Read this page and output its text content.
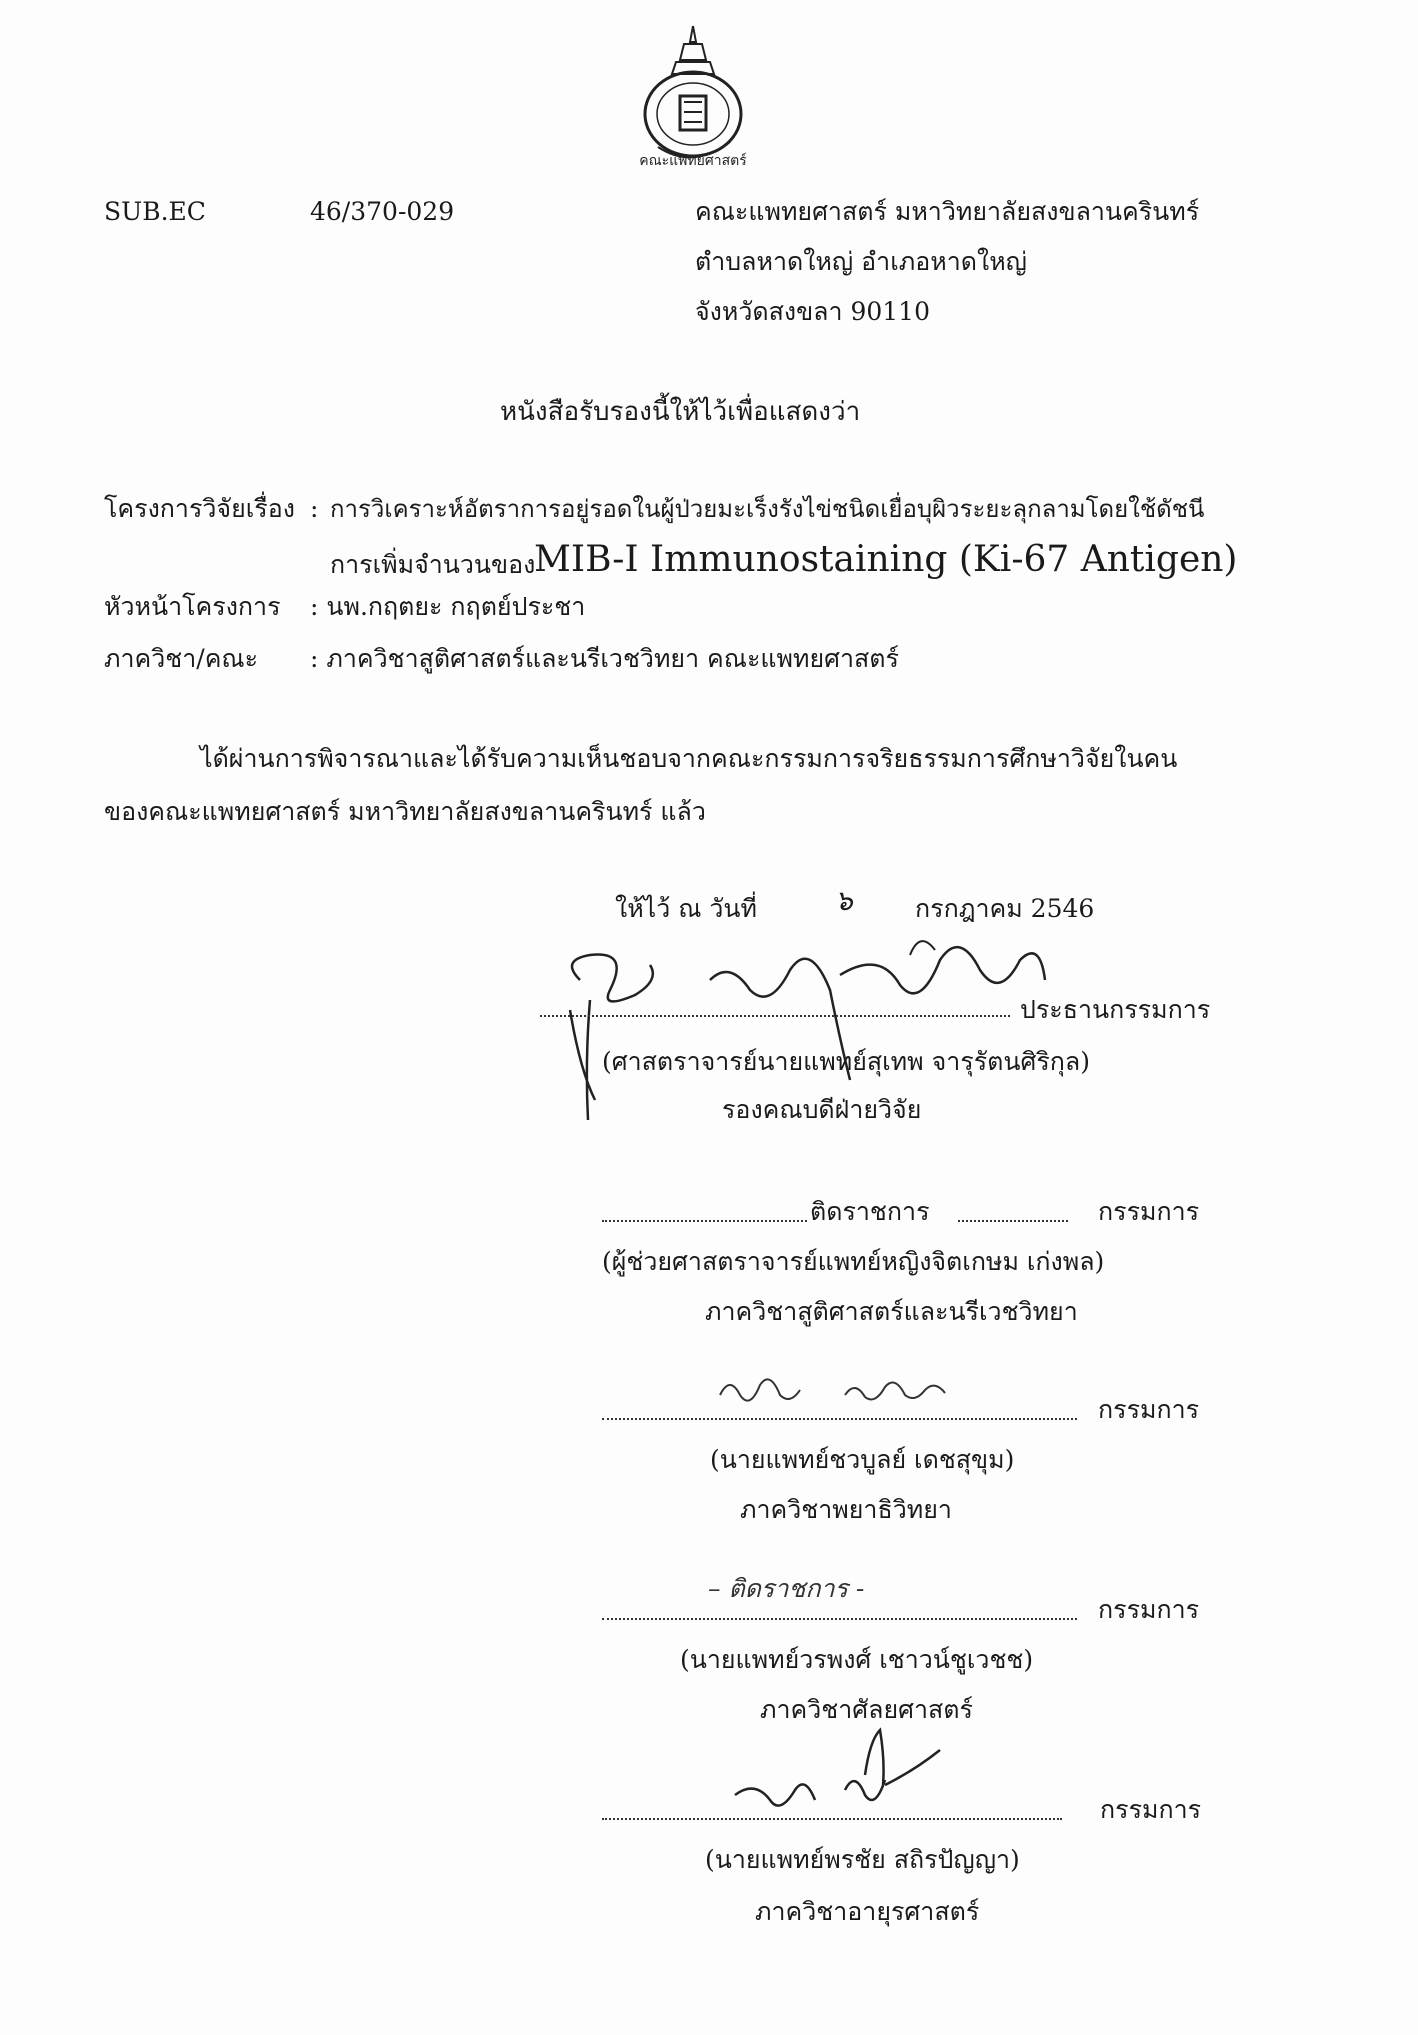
คณะแพทยศาสตร์
SUB.EC	46/370-029	คณะแพทยศาสตร์ มหาวิทยาลัยสงขลานครินทร์
ตำบลหาดใหญ่ อำเภอหาดใหญ่
จังหวัดสงขลา 90110
หนังสือรับรองนี้ให้ไว้เพื่อแสดงว่า
โครงการวิจัยเรื่อง : การวิเคราะห์อัตราการอยู่รอดในผู้ป่วยมะเร็งรังไข่ชนิดเยื่อบุผิวระยะลุกลามโดยใช้ดัชนี
การเพิ่มจำนวนของ
MIB-I Immunostaining (Ki-67 Antigen)
หัวหน้าโครงการ : นพ.กฤตยะ กฤตย์ประชา
ภาควิชา/คณะ : ภาควิชาสูติศาสตร์และนรีเวชวิทยา คณะแพทยศาสตร์
ได้ผ่านการพิจารณาและได้รับความเห็นชอบจากคณะกรรมการจริยธรรมการศึกษาวิจัยในคน
ของคณะแพทยศาสตร์ มหาวิทยาลัยสงขลานครินทร์ แล้ว
ให้ไว้ ณ วันที่	๖ กรกฎาคม 2546
ประธานกรรมการ
(ศาสตราจารย์นายแพทย์สุเทพ จารุรัตนศิริกุล)
รองคณบดีฝ่ายวิจัย
ติดราชการ	กรรมการ
(ผู้ช่วยศาสตราจารย์แพทย์หญิงจิตเกษม เก่งพล)
ภาควิชาสูติศาสตร์และนรีเวชวิทยา
กรรมการ
(นายแพทย์ชวบูลย์ เดชสุขุม)
ภาควิชาพยาธิวิทยา
– ติดราชการ -
กรรมการ
(นายแพทย์วรพงศ์ เชาวน์ชูเวชช)
ภาควิชาศัลยศาสตร์
กรรมการ
(นายแพทย์พรชัย สถิรปัญญา)
ภาควิชาอายุรศาสตร์
